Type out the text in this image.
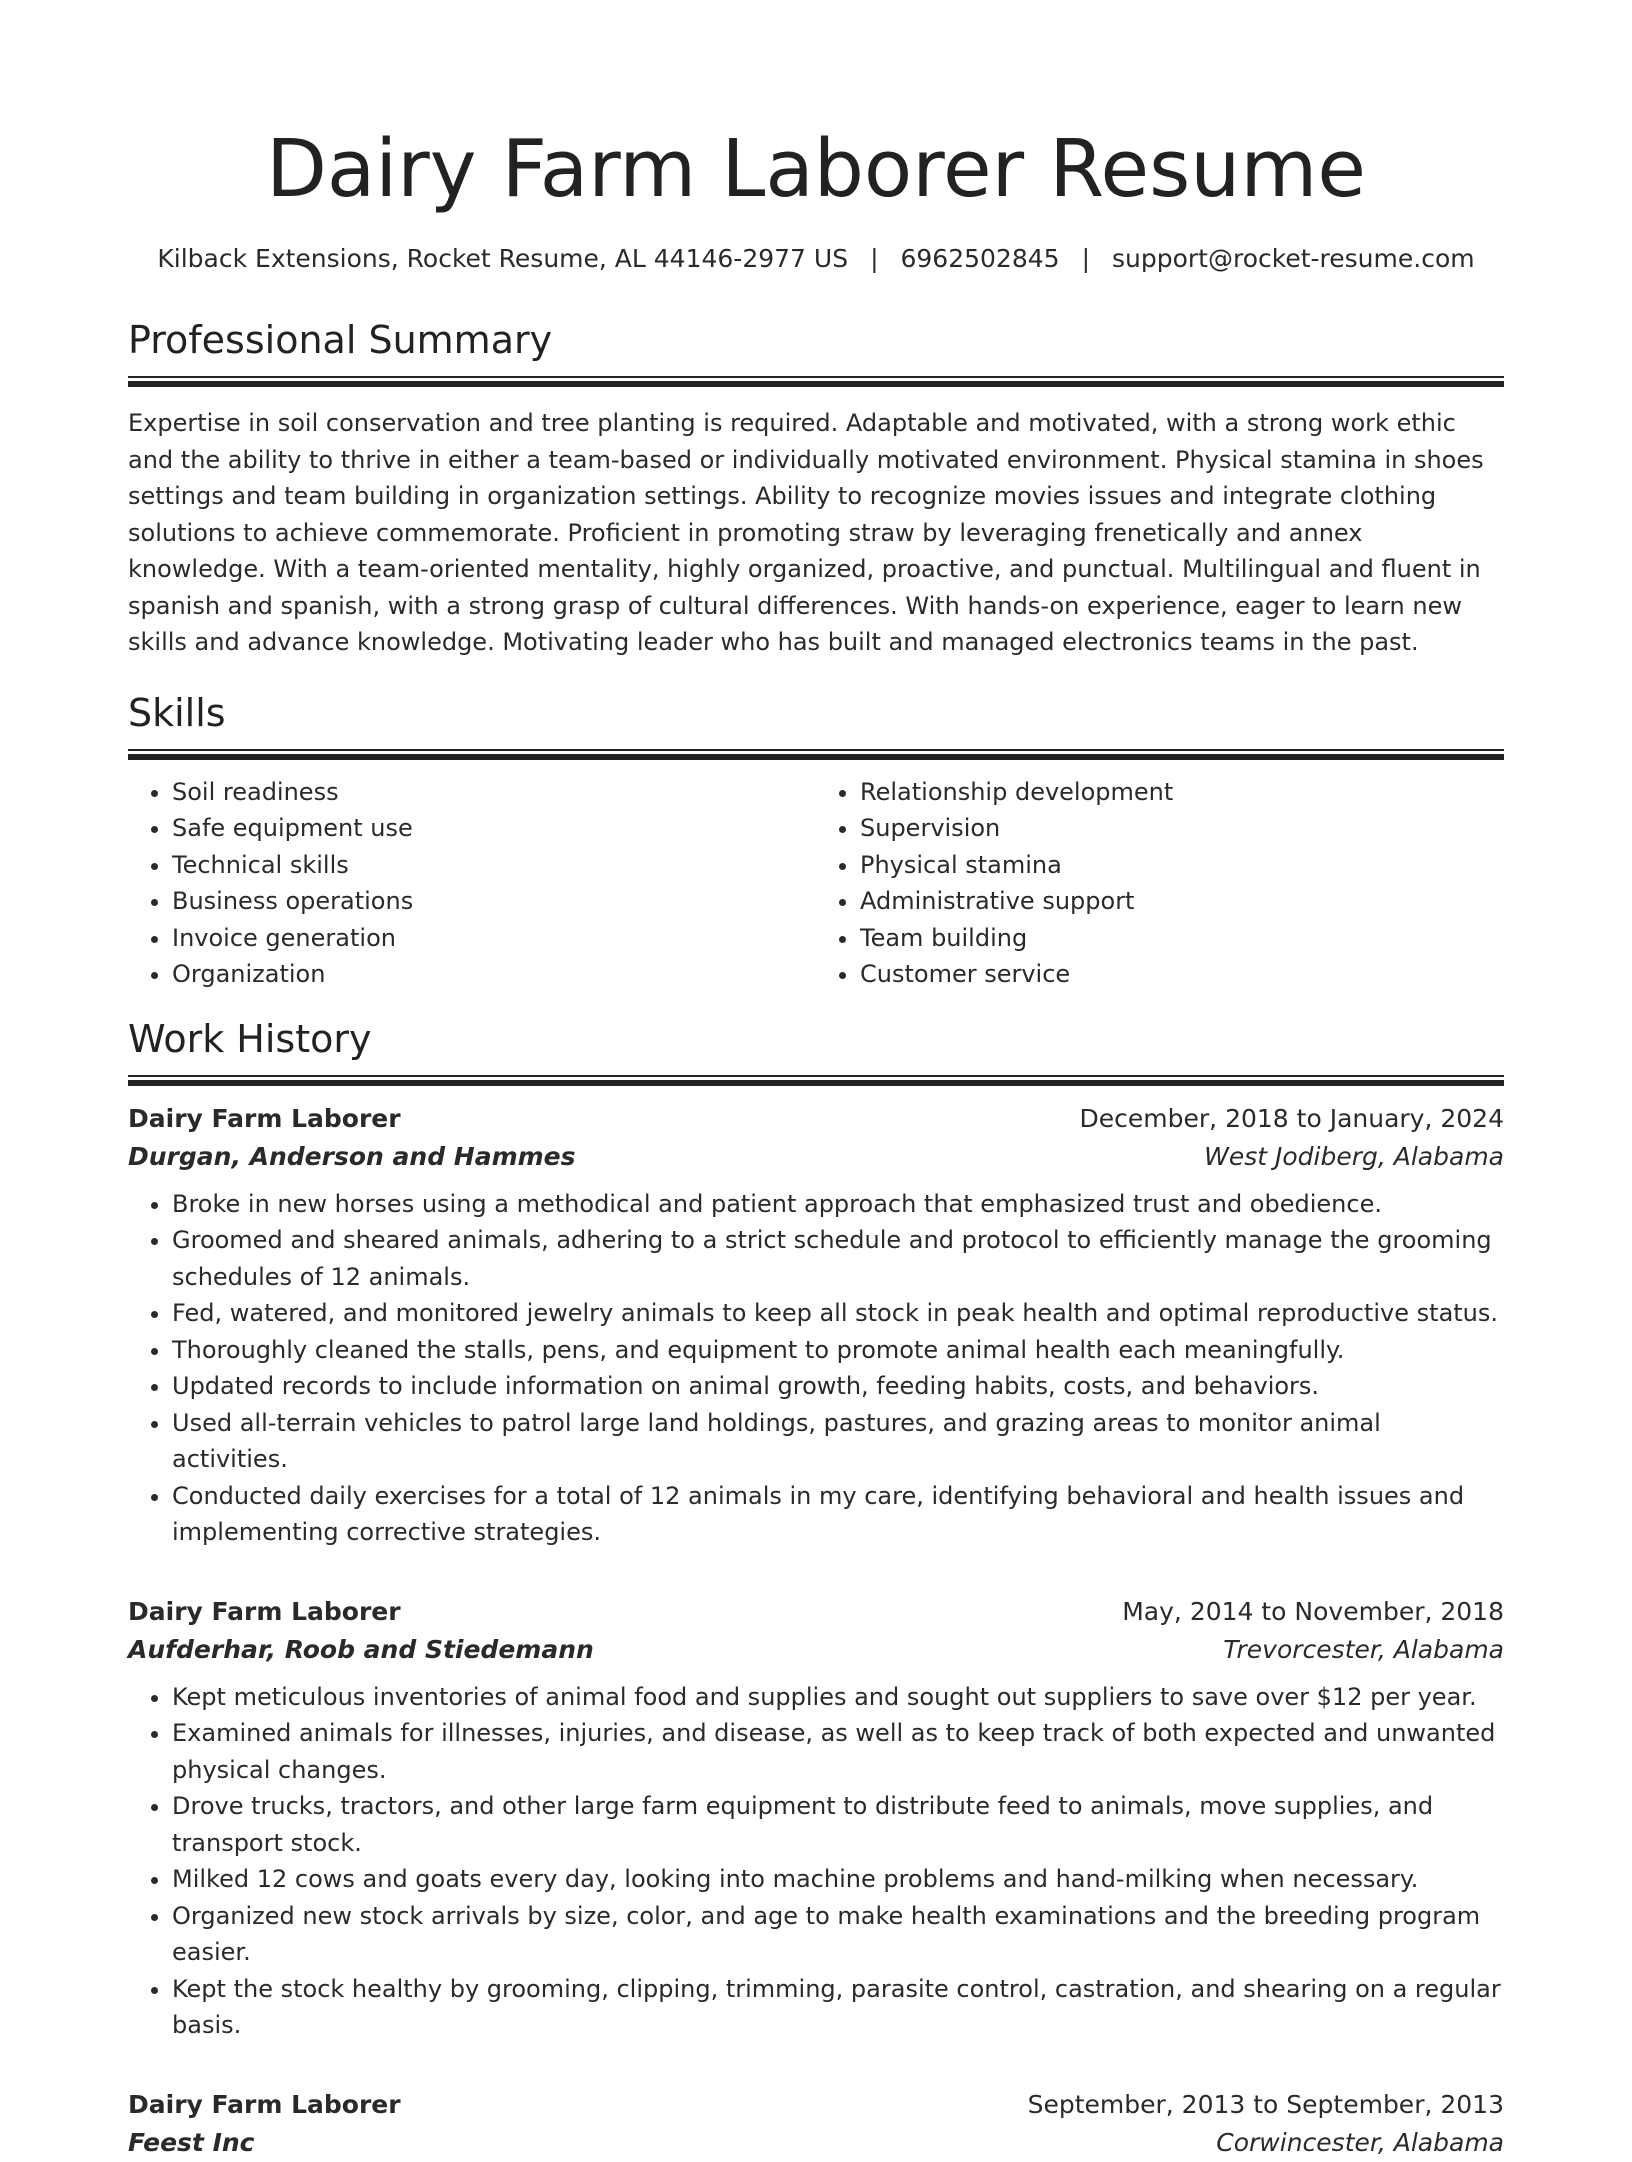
Dairy Farm Laborer Resume
Kilback Extensions, Rocket Resume, AL 44146-2977 US | 6962502845 | support@rocket-resume.com
Professional Summary

Expertise in soil conservation and tree planting is required. Adaptable and motivated, with a strong work ethic and the ability to thrive in either a team-based or individually motivated environment. Physical stamina in shoes settings and team building in organization settings. Ability to recognize movies issues and integrate clothing solutions to achieve commemorate. Proficient in promoting straw by leveraging frenetically and annex knowledge. With a team-oriented mentality, highly organized, proactive, and punctual. Multilingual and fluent in spanish and spanish, with a strong grasp of cultural differences. With hands-on experience, eager to learn new skills and advance knowledge. Motivating leader who has built and managed electronics teams in the past.

Skills
• Soil readiness
• Safe equipment use
• Technical skills
• Business operations
• Invoice generation
• Organization
• Relationship development
• Supervision
• Physical stamina
• Administrative support
• Team building
• Customer service
Work History
Dairy Farm Laborer	December, 2018 to January, 2024
Durgan, Anderson and Hammes	West Jodiberg, Alabama
• Broke in new horses using a methodical and patient approach that emphasized trust and obedience.
• Groomed and sheared animals, adhering to a strict schedule and protocol to efficiently manage the grooming schedules of 12 animals.
• Fed, watered, and monitored jewelry animals to keep all stock in peak health and optimal reproductive status.
• Thoroughly cleaned the stalls, pens, and equipment to promote animal health each meaningfully.
• Updated records to include information on animal growth, feeding habits, costs, and behaviors.
• Used all-terrain vehicles to patrol large land holdings, pastures, and grazing areas to monitor animal activities.
• Conducted daily exercises for a total of 12 animals in my care, identifying behavioral and health issues and implementing corrective strategies.
Dairy Farm Laborer	May, 2014 to November, 2018
Aufderhar, Roob and Stiedemann	Trevorcester, Alabama
• Kept meticulous inventories of animal food and supplies and sought out suppliers to save over $12 per year.
• Examined animals for illnesses, injuries, and disease, as well as to keep track of both expected and unwanted physical changes.
• Drove trucks, tractors, and other large farm equipment to distribute feed to animals, move supplies, and transport stock.
• Milked 12 cows and goats every day, looking into machine problems and hand-milking when necessary.
• Organized new stock arrivals by size, color, and age to make health examinations and the breeding program easier.
• Kept the stock healthy by grooming, clipping, trimming, parasite control, castration, and shearing on a regular basis.
Dairy Farm Laborer	September, 2013 to September, 2013
Feest Inc	Corwincester, Alabama
